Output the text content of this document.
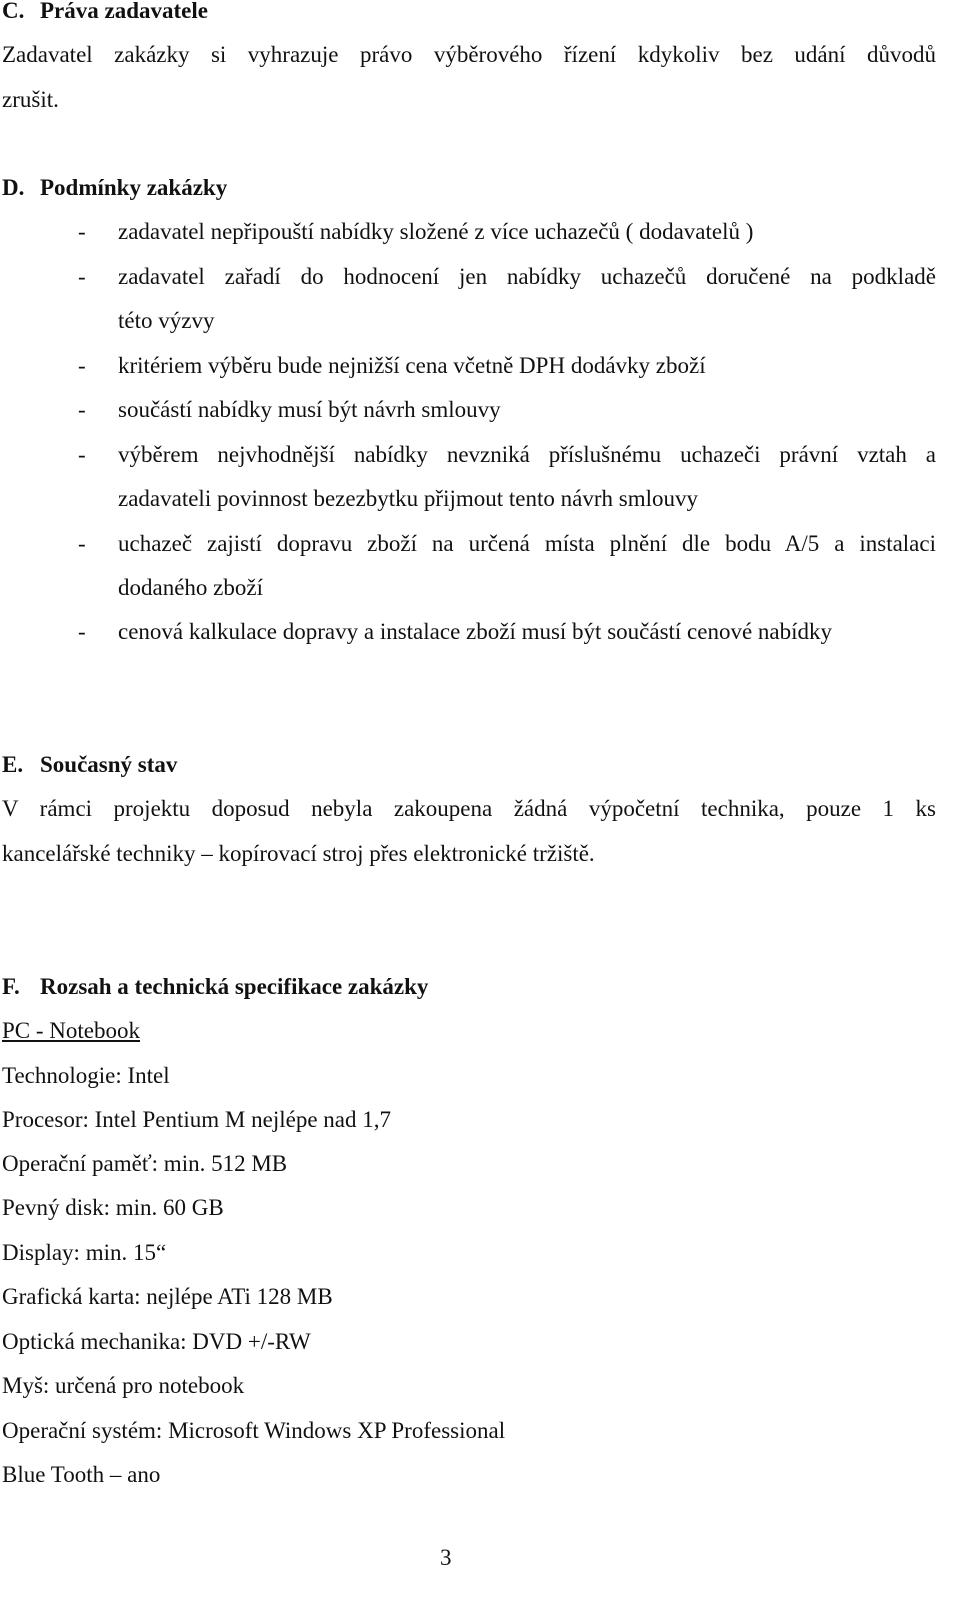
C. Práva zadavatele
Zadavatel zakázky si vyhrazuje právo výběrového řízení kdykoliv bez udání důvodů
zrušit.
D. Podmínky zakázky
- zadavatel nepřipouští nabídky složené z více uchazečů ( dodavatelů )
- zadavatel zařadí do hodnocení jen nabídky uchazečů doručené na podkladě
této výzvy
- kritériem výběru bude nejnižší cena včetně DPH dodávky zboží
- součástí nabídky musí být návrh smlouvy
- výběrem nejvhodnější nabídky nevzniká příslušnému uchazeči právní vztah a
zadavateli povinnost bezezbytku přijmout tento návrh smlouvy
- uchazeč zajistí dopravu zboží na určená místa plnění dle bodu A/5 a instalaci
dodaného zboží
- cenová kalkulace dopravy a instalace zboží musí být součástí cenové nabídky
E. Současný stav
V rámci projektu doposud nebyla zakoupena žádná výpočetní technika, pouze 1 ks
kancelářské techniky – kopírovací stroj přes elektronické tržiště.
F. Rozsah a technická specifikace zakázky
PC - Notebook
Technologie: Intel
Procesor: Intel Pentium M nejlépe nad 1,7
Operační paměť: min. 512 MB
Pevný disk: min. 60 GB
Display: min. 15“
Grafická karta: nejlépe ATi 128 MB
Optická mechanika: DVD +/-RW
Myš: určená pro notebook
Operační systém: Microsoft Windows XP Professional
Blue Tooth – ano
3
